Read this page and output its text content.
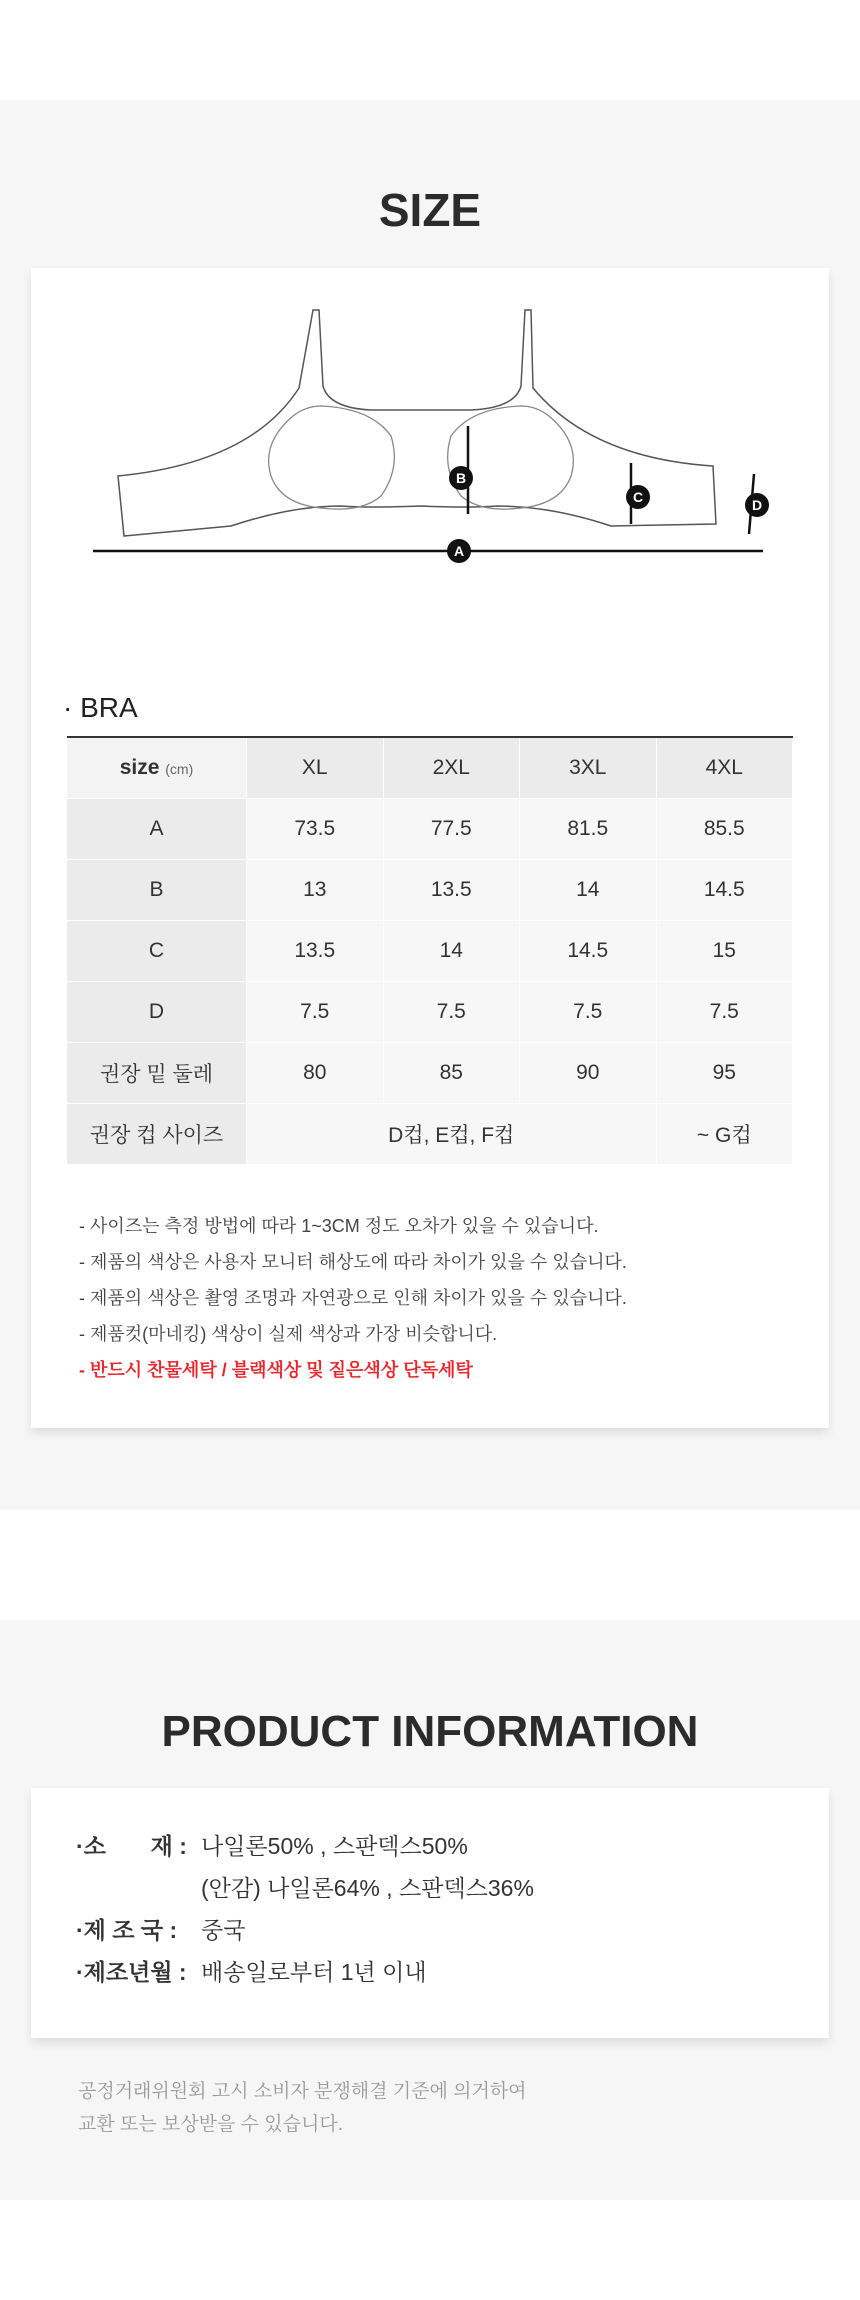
SIZE
A
B
C	D
· BRA
size (cm)	XL	2XL	3XL	4XL
A	73.5	77.5	81.5	85.5
B	13	13.5	14	14.5
C	13.5	14	14.5	15
D	7.5	7.5	7.5	7.5
권장 밑 둘레	80	85	90	95
권장 컵 사이즈	D컵, E컵, F컵			~ G컵
- 사이즈는 측정 방법에 따라 1~3CM 정도 오차가 있을 수 있습니다.
- 제품의 색상은 사용자 모니터 해상도에 따라 차이가 있을 수 있습니다.
- 제품의 색상은 촬영 조명과 자연광으로 인해 차이가 있을 수 있습니다.
- 제품컷(마네킹) 색상이 실제 색상과 가장 비슷합니다.
- 반드시 찬물세탁 / 블랙색상 및 짙은색상 단독세탁
PRODUCT INFORMATION
·소       재 : 나일론50% , 스판덱스50%
(안감) 나일론64% , 스판덱스36%
·제 조 국 :	중국
·제조년월 : 배송일로부터 1년 이내
공정거래위원회 고시 소비자 분쟁해결 기준에 의거하여
교환 또는 보상받을 수 있습니다.
